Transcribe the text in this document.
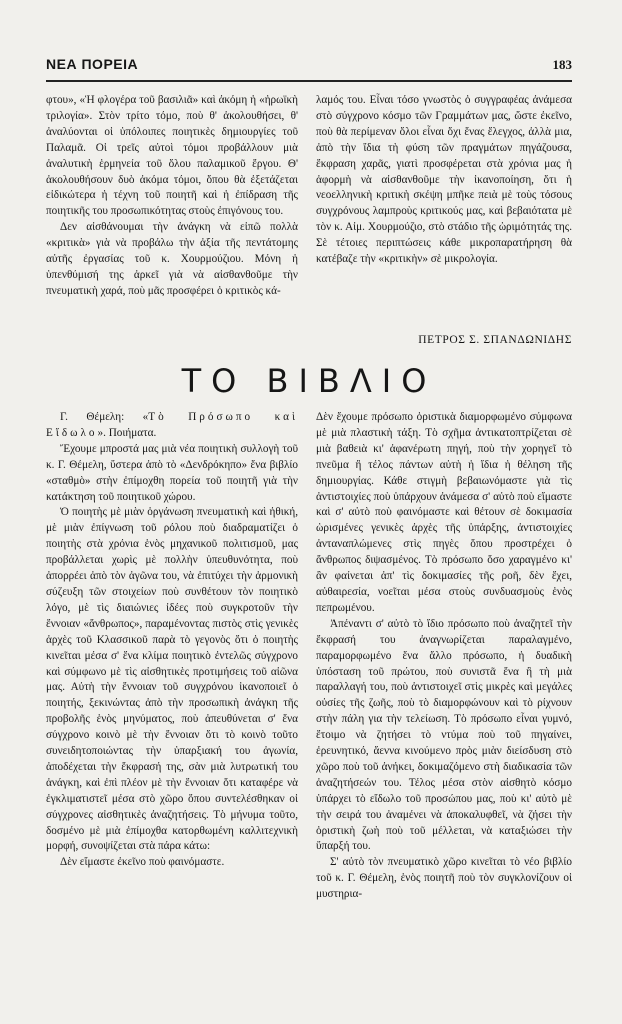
ΝΕΑ ΠΟΡΕΙΑ	183

φτου», «Ἡ φλογέρα τοῦ βασιλιᾶ» καὶ ἀκόμη ἡ «ἡρωϊκὴ τριλογία». Στὸν τρίτο τόμο, ποὺ θ' ἀκολουθήσει, θ' ἀναλύονται οἱ ὑπόλοιπες ποιητικὲς δημιουργίες τοῦ Παλαμᾶ. Οἱ τρεῖς αὐτοὶ τόμοι προβάλλουν μιὰ ἀναλυτικὴ ἑρμηνεία τοῦ ὅλου παλαμικοῦ ἔργου. Θ' ἀκολουθήσουν δυὸ ἀκόμα τόμοι, ὅπου θὰ ἐξετάζεται εἰδικώτερα ἡ τέχνη τοῦ ποιητῆ καὶ ἡ ἐπίδραση τῆς ποιητικῆς του προσωπικότητας στοὺς ἐπιγόνους του.

Δεν αἰσθάνουμαι τὴν ἀνάγκη νὰ εἰπῶ πολλὰ «κριτικὰ» γιὰ νὰ προβάλω τὴν ἀξία τῆς πεντάτομης αὐτῆς ἐργασίας τοῦ κ. Χουρμούζιου. Μόνη ἡ ὑπενθύμισή της ἀρκεῖ γιὰ νὰ αἰσθανθοῦμε τὴν πνευματικὴ χαρά, ποὺ μᾶς προσφέρει ὁ κριτικὸς κά-

λαμός του. Εἶναι τόσο γνωστὸς ὁ συγγραφέας ἀνάμεσα στὸ σύγχρονο κόσμο τῶν Γραμμάτων μας, ὥστε ἐκεῖνο, ποὺ θὰ περίμεναν ὅλοι εἶναι ὄχι ἕνας ἔλεγχος, ἀλλὰ μια, ἀπὸ τὴν ἴδια τὴ φύση τῶν πραγμάτων πηγάζουσα, ἔκφραση χαρᾶς, γιατὶ προσφέρεται στὰ χρόνια μας ἡ ἀφορμὴ νὰ αἰσθανθοῦμε τὴν ἱκανοποίηση, ὅτι ἡ νεοελληνικὴ κριτικὴ σκέψη μπῆκε πειὰ μὲ τοὺς τόσους συγχρόνους λαμπροὺς κριτικούς μας, καὶ βεβαιότατα μὲ τὸν κ. Αἰμ. Χουρμούζιο, στὸ στάδιο τῆς ὡριμότητάς της. Σὲ τέτοιες περιπτώσεις κάθε μικροπαρατήρηση θὰ κατέβαζε τὴν «κριτικὴν» σὲ μικρολογία.

ΠΕΤΡΟΣ Σ. ΣΠΑΝΔΩΝΙΔΗΣ
ΤΟ ΒΙΒΛΙΟ

Γ. Θέμελη: «Τὸ Πρόσωπο καὶ Εἴδωλο». Ποιήματα.

Ἔχουμε μπροστά μας μιὰ νέα ποιητικὴ συλλογὴ τοῦ κ. Γ. Θέμελη, ὕστερα ἀπὸ τὸ «Δενδρόκηπο» ἕνα βιβλίο «σταθμὸ» στὴν ἐπίμοχθη πορεία τοῦ ποιητῆ γιὰ τὴν κατάκτηση τοῦ ποιητικοῦ χώρου.

Ὁ ποιητὴς μὲ μιὰν ὀργάνωση πνευματικὴ καὶ ἠθική, μὲ μιὰν ἐπίγνωση τοῦ ρόλου ποὺ διαδραματίζει ὁ ποιητὴς στὰ χρόνια ἑνὸς μηχανικοῦ πολιτισμοῦ, μας προβάλλεται χωρὶς μὲ πολλὴν ὑπευθυνότητα, ποὺ ἀπορρέει ἀπὸ τὸν ἀγῶνα του, νὰ ἐπιτύχει τὴν ἁρμονικὴ σύζευξη τῶν στοιχείων ποὺ συνθέτουν τὸν ποιητικὸ λόγο, μὲ τὶς διαιώνιες ἰδέες ποὺ συγκροτοῦν τὴν ἔννοιαν «ἄνθρωπος», παραμένοντας πιστὸς στὶς γενικὲς ἀρχὲς τοῦ Κλασσικοῦ παρὰ τὸ γεγονὸς ὅτι ὁ ποιητὴς κινεῖται μέσα σ' ἕνα κλίμα ποιητικὸ ἐντελῶς σύγχρονο καὶ σύμφωνο μὲ τὶς αἰσθητικὲς προτιμήσεις τοῦ αἰῶνα μας. Αὐτὴ τὴν ἔννοιαν τοῦ συγχρόνου ἱκανοποιεῖ ὁ ποιητής, ξεκινώντας ἀπὸ τὴν προσωπικὴ ἀνάγκη τῆς προβολῆς ἑνὸς μηνύματος, ποὺ ἀπευθύνεται σ' ἕνα σύγχρονο κοινὸ μὲ τὴν ἔννοιαν ὅτι τὸ κοινὸ τοῦτο συνειδητοποιώντας τὴν ὑπαρξιακή του ἀγωνία, ἀποδέχεται τὴν ἔκφρασή της, σὰν μιὰ λυτρωτική του ἀνάγκη, καὶ ἐπὶ πλέον μὲ τὴν ἔννοιαν ὅτι καταφέρε νὰ ἐγκλιματιστεῖ μέσα στὸ χῶρο ὅπου συντελέσθηκαν οἱ σύγχρονες αἰσθητικὲς ἀναζητήσεις. Τὸ μήνυμα τοῦτο, δοσμένο μὲ μιὰ ἐπίμοχθα κατορθωμένη καλλιτεχνικὴ μορφή, συνοψίζεται στὰ πάρα κάτω:

Δὲν εἴμαστε ἐκεῖνο ποὺ φαινόμαστε.

Δὲν ἔχουμε πρόσωπο ὁριστικὰ διαμορφωμένο σύμφωνα μὲ μιὰ πλαστικὴ τάξη. Τὸ σχῆμα ἀντικατοπτρίζεται σὲ μιὰ βαθειὰ κι' ἀφανέρωτη πηγή, ποὺ τὴν χορηγεῖ τὸ πνεῦμα ἢ τέλος πάντων αὐτὴ ἡ ἴδια ἡ θέληση τῆς δημιουργίας. Κάθε στιγμὴ βεβαιωνόμαστε γιὰ τὶς ἀντιστοιχίες ποὺ ὑπάρχουν ἀνάμεσα σ' αὐτὸ ποὺ εἴμαστε καὶ σ' αὐτὸ ποὺ φαινόμαστε καὶ θέτουν σὲ δοκιμασία ὡρισμένες γενικὲς ἀρχὲς τῆς ὑπάρξης, ἀντιστοιχίες ἀνταναπλώμενες στὶς πηγὲς ὅπου προστρέχει ὁ ἄνθρωπος διψασμένος. Τὸ πρόσωπο ὅσο χαραγμένο κι' ἂν φαίνεται ἀπ' τὶς δοκιμασίες τῆς ροῆ, δὲν ἔχει, αὐθαιρεσία, νοεῖται μέσα στοὺς συνδυασμοὺς ἑνὸς πεπρωμένου.

Ἀπέναντι σ' αὐτὸ τὸ ἴδιο πρόσωπο ποὺ ἀναζητεῖ τὴν ἔκφρασή του ἀναγνωρίζεται παραλαγμένο, παραμορφωμένο ἕνα ἄλλο πρόσωπο, ἡ δυαδικὴ ὑπόσταση τοῦ πρώτου, ποὺ συνιστᾶ ἕνα ἢ τὴ μιὰ παραλλαγή του, ποὺ ἀντιστοιχεῖ στὶς μικρὲς καὶ μεγάλες οὐσίες τῆς ζωῆς, ποὺ τὸ διαμορφώνουν καὶ τὸ ρίχνουν στὴν πάλη για τὴν τελείωση. Τὸ πρόσωπο εἶναι γυμνό, ἕτοιμο νὰ ζητήσει τὸ ντύμα ποὺ τοῦ πηγαίνει, ἐρευνητικό, ἄεννα κινούμενο πρὸς μιὰν διείσδυση στὸ χῶρο ποὺ τοῦ ἀνήκει, δοκιμαζόμενο στὴ διαδικασία τῶν ἀναζητήσεών του. Τέλος μέσα στὸν αἰσθητὸ κόσμο ὑπάρχει τὸ εἴδωλο τοῦ προσώπου μας, ποὺ κι' αὐτὸ μὲ τὴν σειρά του ἀναμένει νὰ ἀποκαλυφθεῖ, νὰ ζήσει τὴν ὁριστικὴ ζωὴ ποὺ τοῦ μέλλεται, νὰ καταξιώσει τὴν ὕπαρξή του.

Σ' αὐτὸ τὸν πνευματικὸ χῶρο κινεῖται τὸ νέο βιβλίο τοῦ κ. Γ. Θέμελη, ἑνὸς ποιητῆ ποὺ τὸν συγκλονίζουν οἱ μυστηρια-
